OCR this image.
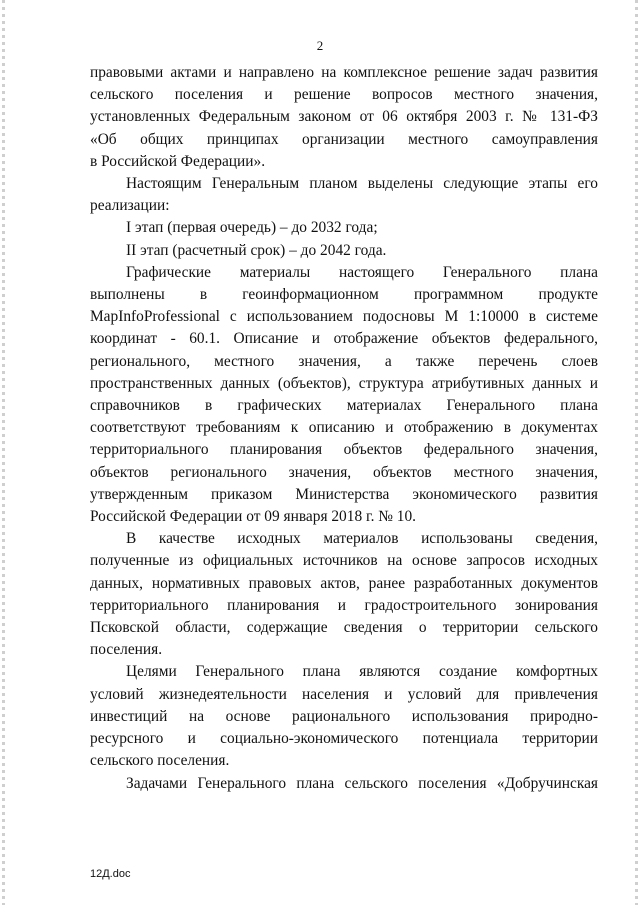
2

правовыми актами и направлено на комплексное решение задач развития
сельского поселения и решение вопросов местного значения,
установленных Федеральным законом от 06 октября 2003 г. № 131-ФЗ
«Об общих принципах организации местного самоуправления

в Российской Федерации».

Настоящим Генеральным планом выделены следующие этапы его

реализации:

I этап (первая очередь) – до 2032 года;

II этап (расчетный срок) – до 2042 года.

Графические материалы настоящего Генерального плана

выполнены в геоинформационном программном продукте
MapInfoProfessional с использованием подосновы М 1:10000 в системе
координат - 60.1. Описание и отображение объектов федерального,
регионального, местного значения, а также перечень слоев
пространственных данных (объектов), структура атрибутивных данных и
справочников в графических материалах Генерального плана
соответствуют требованиям к описанию и отображению в документах
территориального планирования объектов федерального значения,
объектов регионального значения, объектов местного значения,
утвержденным приказом Министерства экономического развития

Российской Федерации от 09 января 2018 г. № 10.

В качестве исходных материалов использованы сведения,

полученные из официальных источников на основе запросов исходных
данных, нормативных правовых актов, ранее разработанных документов
территориального планирования и градостроительного зонирования
Псковской области, содержащие сведения о территории сельского

поселения.

Целями Генерального плана являются создание комфортных

условий жизнедеятельности населения и условий для привлечения
инвестиций на основе рационального использования природно-
ресурсного и социально-экономического потенциала территории

сельского поселения.

Задачами Генерального плана сельского поселения «Добручинская

12Д.doc
